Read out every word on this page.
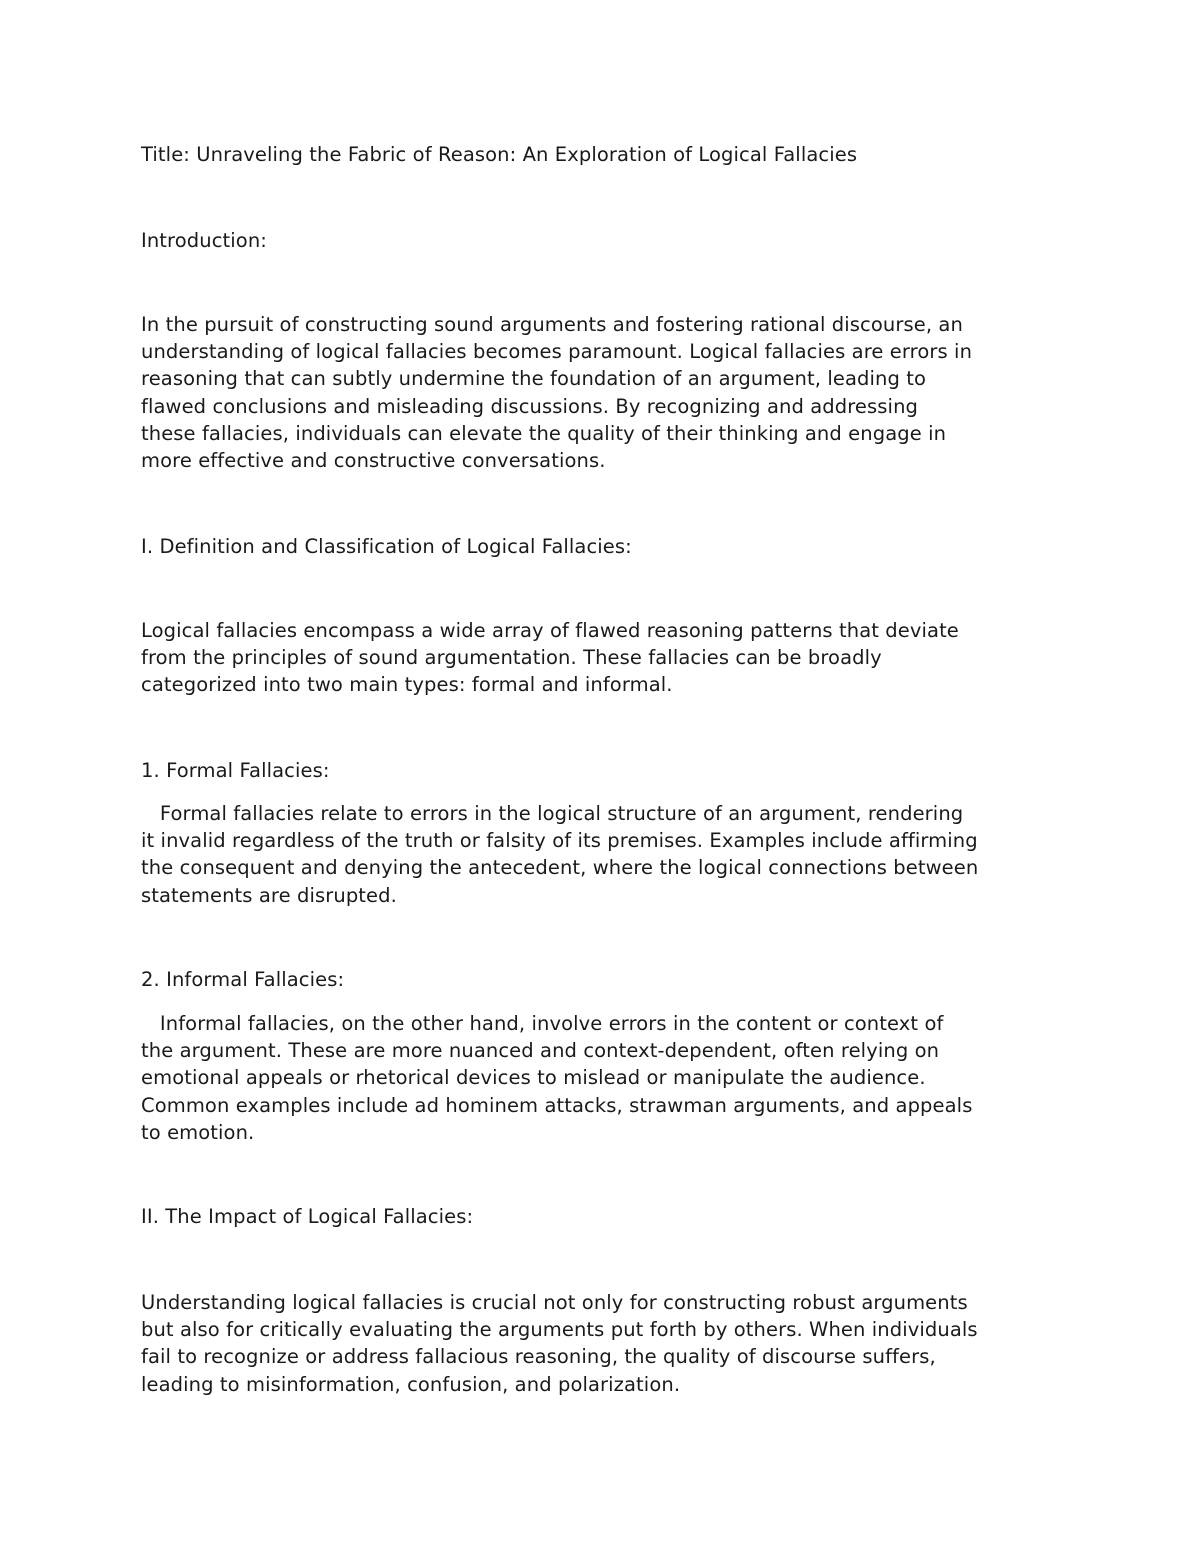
Title: Unraveling the Fabric of Reason: An Exploration of Logical Fallacies
Introduction:
In the pursuit of constructing sound arguments and fostering rational discourse, an
understanding of logical fallacies becomes paramount. Logical fallacies are errors in
reasoning that can subtly undermine the foundation of an argument, leading to
flawed conclusions and misleading discussions. By recognizing and addressing
these fallacies, individuals can elevate the quality of their thinking and engage in
more effective and constructive conversations.
I. Definition and Classification of Logical Fallacies:
Logical fallacies encompass a wide array of flawed reasoning patterns that deviate
from the principles of sound argumentation. These fallacies can be broadly
categorized into two main types: formal and informal.
1. Formal Fallacies:
Formal fallacies relate to errors in the logical structure of an argument, rendering
it invalid regardless of the truth or falsity of its premises. Examples include affirming
the consequent and denying the antecedent, where the logical connections between
statements are disrupted.
2. Informal Fallacies:
Informal fallacies, on the other hand, involve errors in the content or context of
the argument. These are more nuanced and context-dependent, often relying on
emotional appeals or rhetorical devices to mislead or manipulate the audience.
Common examples include ad hominem attacks, strawman arguments, and appeals
to emotion.
II. The Impact of Logical Fallacies:
Understanding logical fallacies is crucial not only for constructing robust arguments
but also for critically evaluating the arguments put forth by others. When individuals
fail to recognize or address fallacious reasoning, the quality of discourse suffers,
leading to misinformation, confusion, and polarization.
